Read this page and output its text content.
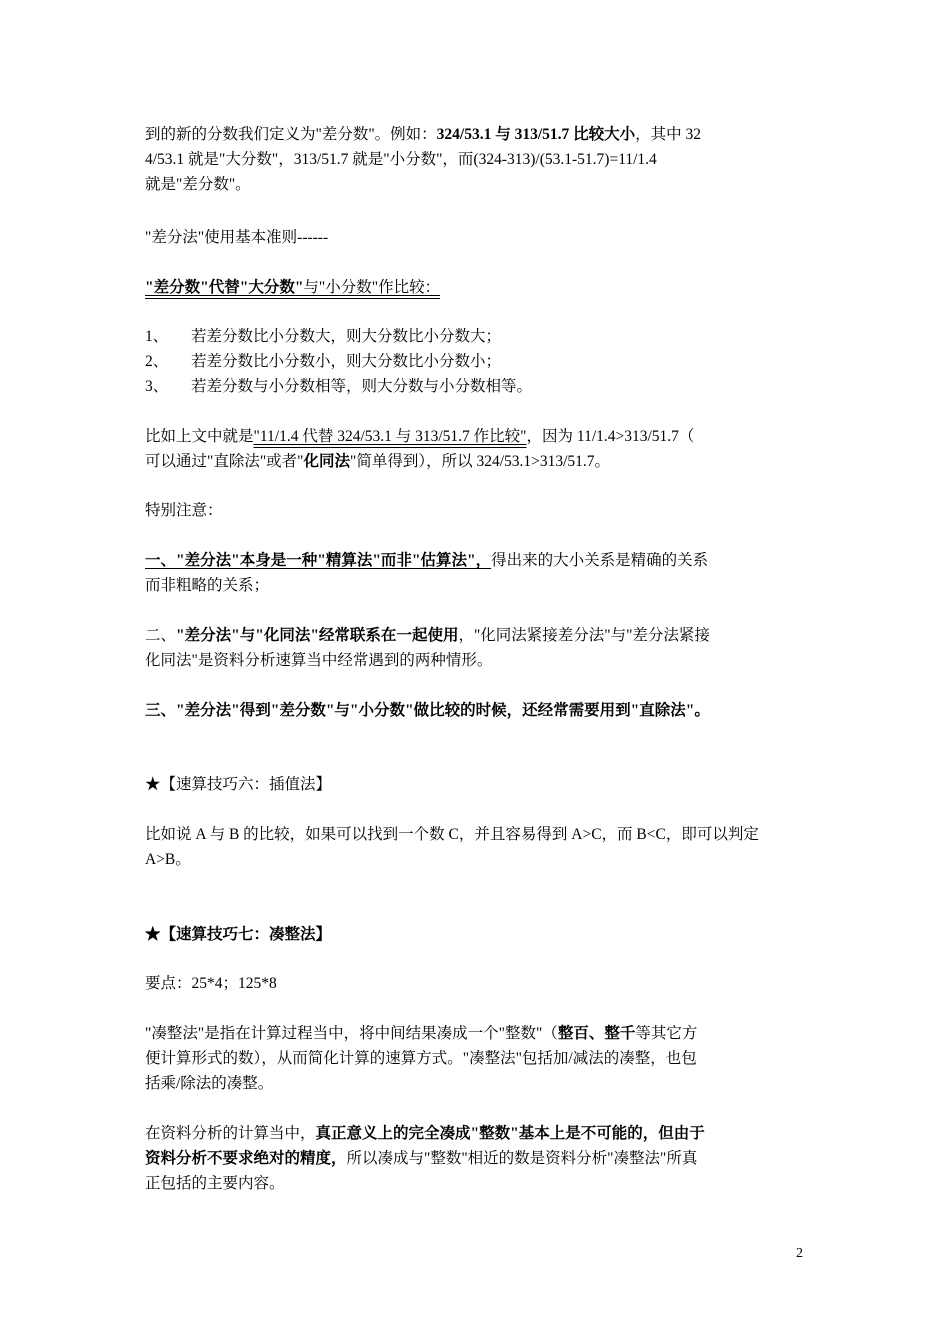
到的新的分数我们定义为"差分数"。例如：324/53.1 与 313/51.7 比较大小，其中 32
4/53.1 就是"大分数"，313/51.7 就是"小分数"，而(324-313)/(53.1-51.7)=11/1.4
就是"差分数"。
"差分法"使用基本准则------
"差分数"代替"大分数"与"小分数"作比较：
1、 若差分数比小分数大，则大分数比小分数大；
2、 若差分数比小分数小，则大分数比小分数小；
3、 若差分数与小分数相等，则大分数与小分数相等。
比如上文中就是"11/1.4 代替 324/53.1 与 313/51.7 作比较"，因为 11/1.4>313/51.7（
可以通过"直除法"或者"化同法"简单得到），所以 324/53.1>313/51.7。
特别注意：
一、"差分法"本身是一种"精算法"而非"估算法"，得出来的大小关系是精确的关系
而非粗略的关系；
二、"差分法"与"化同法"经常联系在一起使用，"化同法紧接差分法"与"差分法紧接
化同法"是资料分析速算当中经常遇到的两种情形。
三、"差分法"得到"差分数"与"小分数"做比较的时候，还经常需要用到"直除法"。
★【速算技巧六：插值法】
比如说 A 与 B 的比较，如果可以找到一个数 C，并且容易得到 A>C，而 B<C，即可以判定
A>B。
★【速算技巧七：凑整法】
要点：25*4；125*8
"凑整法"是指在计算过程当中，将中间结果凑成一个"整数"（整百、整千等其它方
便计算形式的数），从而简化计算的速算方式。"凑整法"包括加/减法的凑整，也包
括乘/除法的凑整。
在资料分析的计算当中，真正意义上的完全凑成"整数"基本上是不可能的，但由于
资料分析不要求绝对的精度，所以凑成与"整数"相近的数是资料分析"凑整法"所真
正包括的主要内容。
2
